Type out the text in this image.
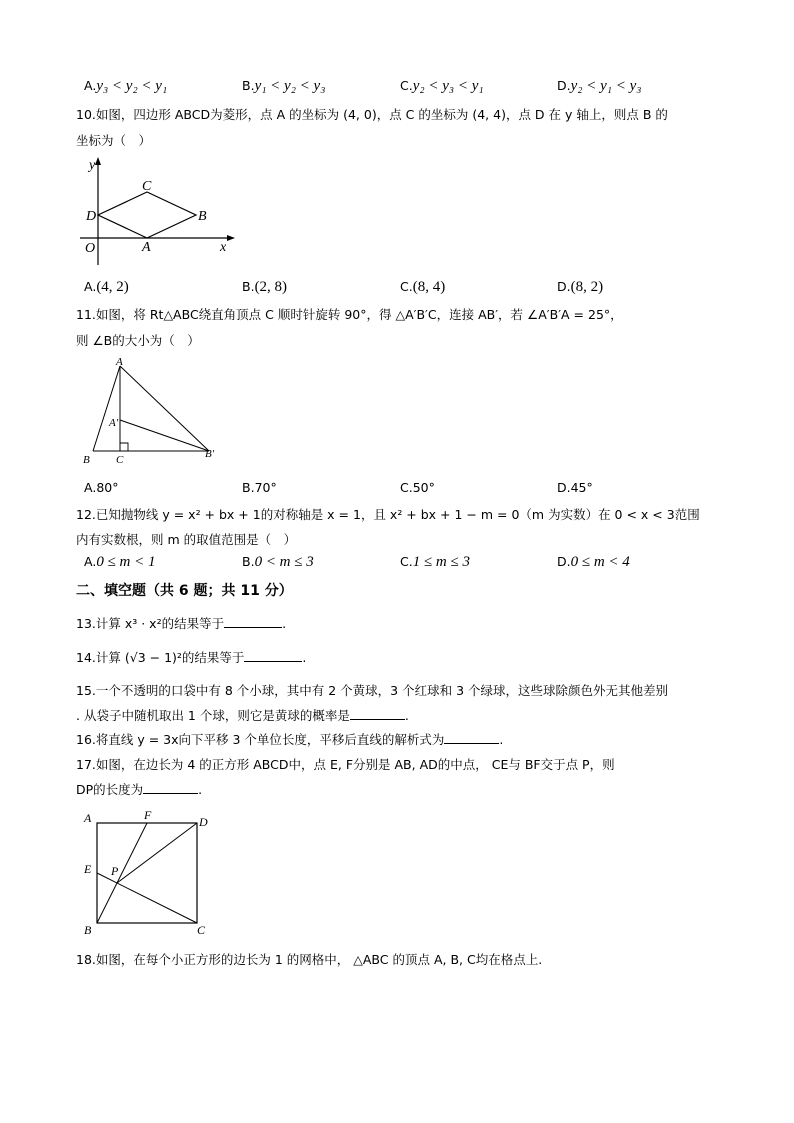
A.y₃ < y₂ < y₁	B.y₁ < y₂ < y₃	C.y₂ < y₃ < y₁	D.y₂ < y₁ < y₃
10.如图，四边形 ABCD为菱形，点 A 的坐标为 (4, 0)，点 C 的坐标为 (4, 4)，点 D 在 y 轴上，则点 B 的
坐标为（　）
y
x
O	A
B
C
D
A.(4, 2)	B.(2, 8)	C.(8, 4)	D.(8, 2)
11.如图，将 Rt△ABC绕直角顶点 C 顺时针旋转 90°，得 △A′B′C，连接 AB′，若 ∠A′B′A = 25°，
则 ∠B的大小为（　）
A
A′
B C	B′
A.80°	B.70°	C.50°	D.45°
12.已知抛物线 y = x² + bx + 1的对称轴是 x = 1，且 x² + bx + 1 − m = 0（m 为实数）在 0 < x < 3范围
内有实数根，则 m 的取值范围是（　）
A.0 ≤ m < 1	B.0 < m ≤ 3	C.1 ≤ m ≤ 3	D.0 ≤ m < 4
二、填空题（共 6 题；共 11 分）
13.计算 x³ · x²的结果等于	.
14.计算 (√3 − 1)²的结果等于	.
15.一个不透明的口袋中有 8 个小球，其中有 2 个黄球，3 个红球和 3 个绿球，这些球除颜色外无其他差别
. 从袋子中随机取出 1 个球，则它是黄球的概率是	.
16.将直线 y = 3x向下平移 3 个单位长度，平移后直线的解析式为	.
17.如图，在边长为 4 的正方形 ABCD中，点 E, F分别是 AB, AD的中点， CE与 BF交于点 P，则
DP的长度为	.
A	F	D
E P
B	C
18.如图，在每个小正方形的边长为 1 的网格中， △ABC 的顶点 A, B, C均在格点上.
